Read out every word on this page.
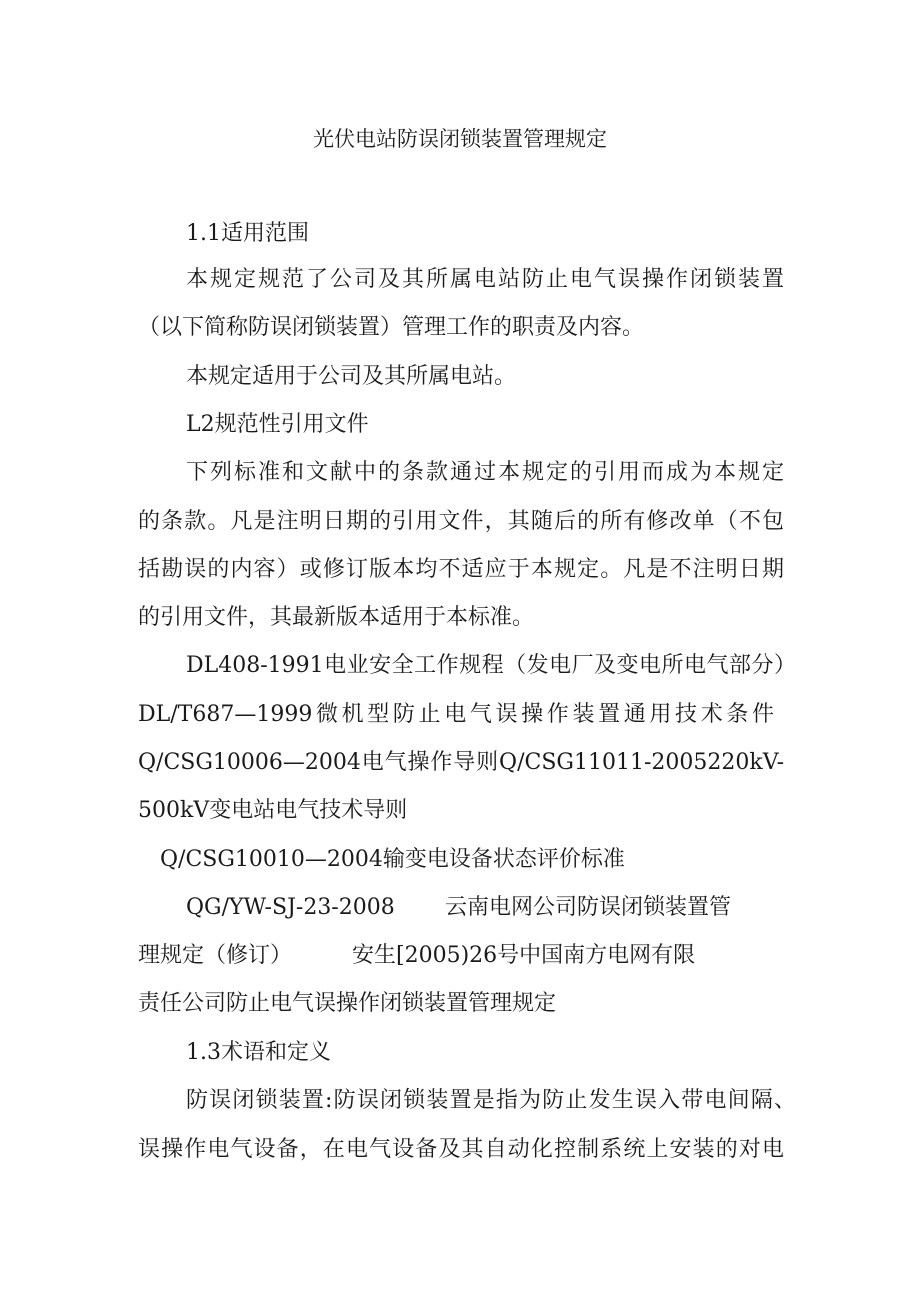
光伏电站防误闭锁装置管理规定
1.1适用范围
本规定规范了公司及其所属电站防止电气误操作闭锁装置
（以下简称防误闭锁装置）管理工作的职责及内容。
本规定适用于公司及其所属电站。
L2规范性引用文件
下列标准和文献中的条款通过本规定的引用而成为本规定
的条款。凡是注明日期的引用文件，其随后的所有修改单（不包
括勘误的内容）或修订版本均不适应于本规定。凡是不注明日期
的引用文件，其最新版本适用于本标准。
DL408-1991电业安全工作规程（发电厂及变电所电气部分）
DL/T687—1999微机型防止电气误操作装置通用技术条件
Q/CSG10006—2004电气操作导则Q/CSG11011-2005220kV-
500kV变电站电气技术导则
Q/CSG10010—2004输变电设备状态评价标准
QG/YW-SJ-23-2008 云南电网公司防误闭锁装置管
理规定（修订）	安生[2005)26号中国南方电网有限
责任公司防止电气误操作闭锁装置管理规定
1.3术语和定义
防误闭锁装置:防误闭锁装置是指为防止发生误入带电间隔、
误操作电气设备，在电气设备及其自动化控制系统上安装的对电
